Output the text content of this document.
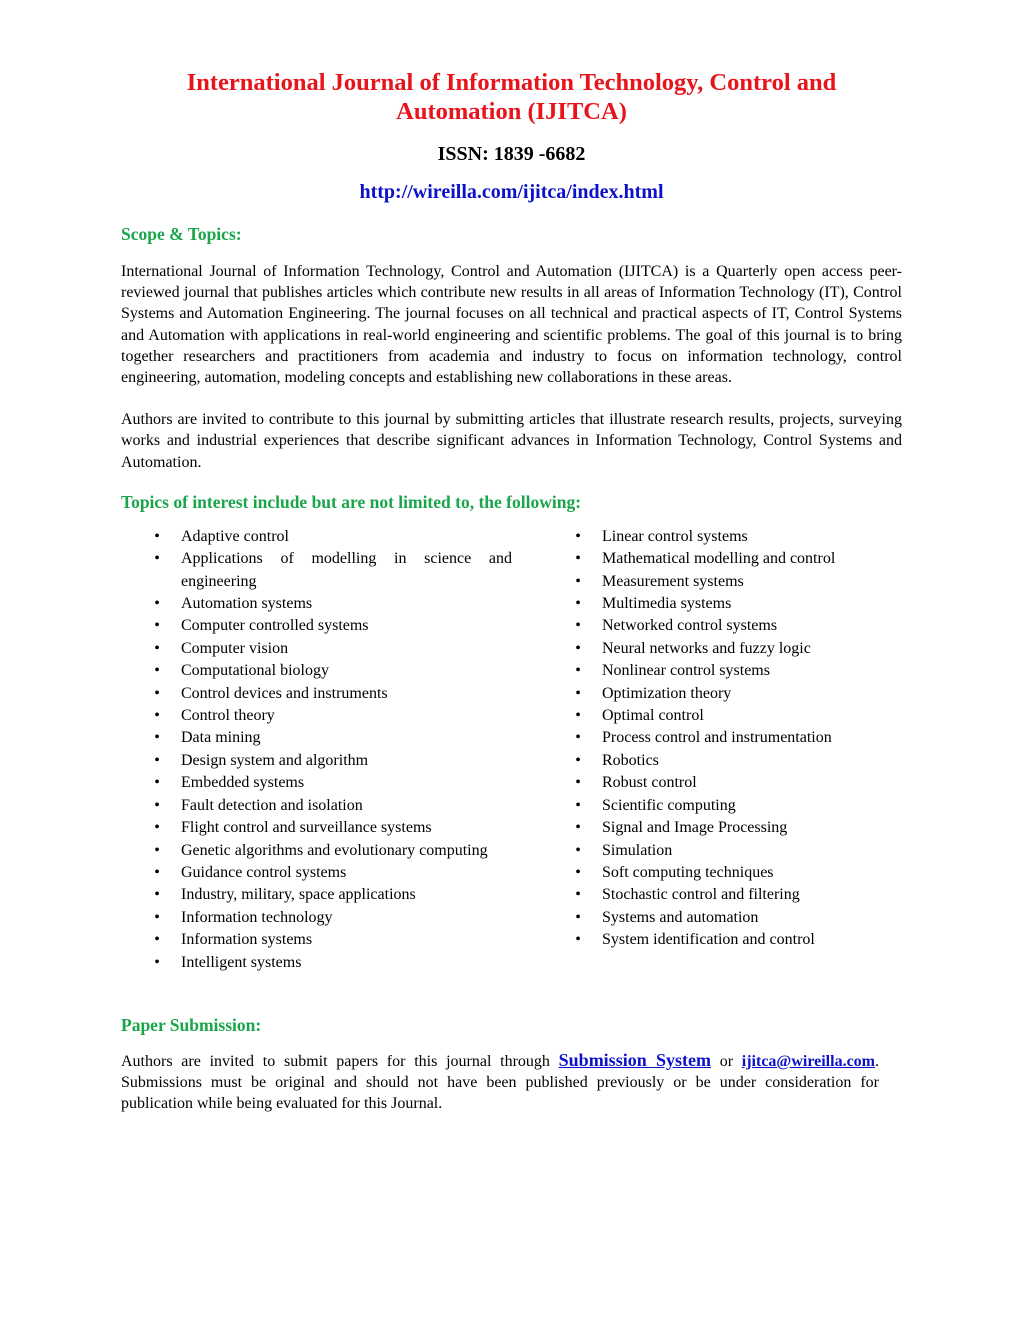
International Journal of Information Technology, Control and Automation (IJITCA)
ISSN: 1839 -6682
http://wireilla.com/ijitca/index.html
Scope & Topics:

International Journal of Information Technology, Control and Automation (IJITCA) is a Quarterly open access peer-reviewed journal that publishes articles which contribute new results in all areas of Information Technology (IT), Control Systems and Automation Engineering. The journal focuses on all technical and practical aspects of IT, Control Systems and Automation with applications in real-world engineering and scientific problems. The goal of this journal is to bring together researchers and practitioners from academia and industry to focus on information technology, control engineering, automation, modeling concepts and establishing new collaborations in these areas.

Authors are invited to contribute to this journal by submitting articles that illustrate research results, projects, surveying works and industrial experiences that describe significant advances in Information Technology, Control Systems and Automation.

Topics of interest include but are not limited to, the following:
• Adaptive control
• Applications of modelling in science and engineering
• Automation systems
• Computer controlled systems
• Computer vision
• Computational biology
• Control devices and instruments
• Control theory
• Data mining
• Design system and algorithm
• Embedded systems
• Fault detection and isolation
• Flight control and surveillance systems
• Genetic algorithms and evolutionary computing
• Guidance control systems
• Industry, military, space applications
• Information technology
• Information systems
• Intelligent systems
• Linear control systems
• Mathematical modelling and control
• Measurement systems
• Multimedia systems
• Networked control systems
• Neural networks and fuzzy logic
• Nonlinear control systems
• Optimization theory
• Optimal control
• Process control and instrumentation
• Robotics
• Robust control
• Scientific computing
• Signal and Image Processing
• Simulation
• Soft computing techniques
• Stochastic control and filtering
• Systems and automation
• System identification and control
Paper Submission:

Authors are invited to submit papers for this journal through Submission System or ijitca@wireilla.com. Submissions must be original and should not have been published previously or be under consideration for publication while being evaluated for this Journal.
